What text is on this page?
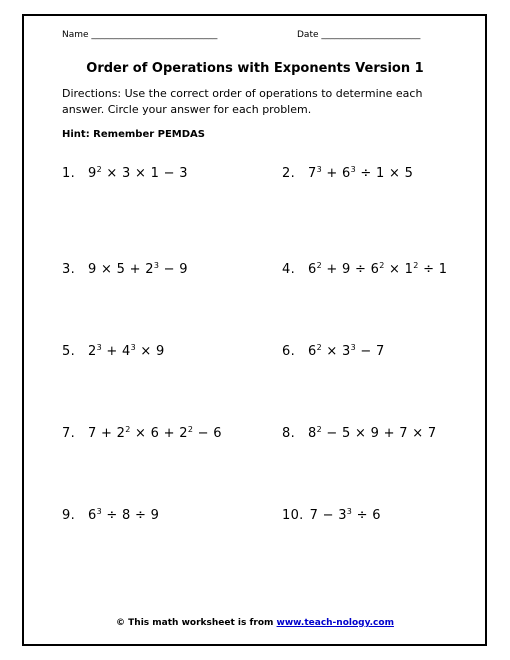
Name ____________________________	Date ______________________
Order of Operations with Exponents Version 1
Directions: Use the correct order of operations to determine each answer. Circle your answer for each problem.
Hint: Remember PEMDAS
1. $9^2 \times 3 \times 1 - 3$	2. $7^3 + 6^3 \div 1 \times 5$
3. $9 \times 5 + 2^3 - 9$	4. $6^2 + 9 \div 6^2 \times 1^2 \div 1$
5. $2^3 + 4^3 \times 9$	6. $6^2 \times 3^3 - 7$
7. $7 + 2^2 \times 6 + 2^2 - 6$	8. $8^2 - 5 \times 9 + 7 \times 7$
9. $6^3 \div 8 \div 9$	10. $7 - 3^3 \div 6$
© This math worksheet is from www.teach-nology.com
